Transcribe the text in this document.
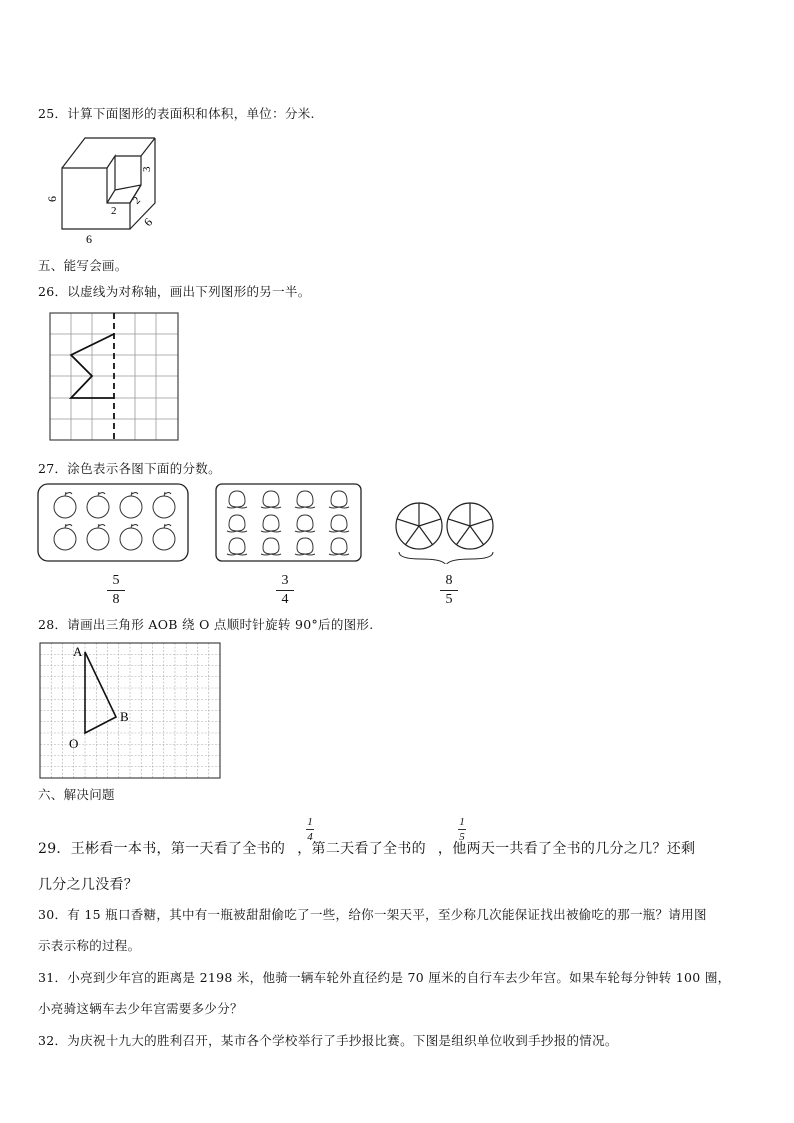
25．计算下面图形的表面积和体积，单位：分米.
6
6
6
3
2
2
五、能写会画。
26．以虚线为对称轴，画出下列图形的另一半。
27．涂色表示各图下面的分数。
5
8
3
4
8
5
28．请画出三角形 AOB 绕 O 点顺时针旋转 90°后的图形.
A
B
O
六、解决问题
29．王彬看一本书，第一天看了全书的 ，第二天看了全书的 ，他两天一共看了全书的几分之几？还剩
1
4
1
5
几分之几没看？
30．有 15 瓶口香糖，其中有一瓶被甜甜偷吃了一些，给你一架天平，至少称几次能保证找出被偷吃的那一瓶？请用图
示表示称的过程。
31．小亮到少年宫的距离是 2198 米，他骑一辆车轮外直径约是 70 厘米的自行车去少年宫。如果车轮每分钟转 100 圈，
小亮骑这辆车去少年宫需要多少分？
32．为庆祝十九大的胜利召开，某市各个学校举行了手抄报比赛。下图是组织单位收到手抄报的情况。
